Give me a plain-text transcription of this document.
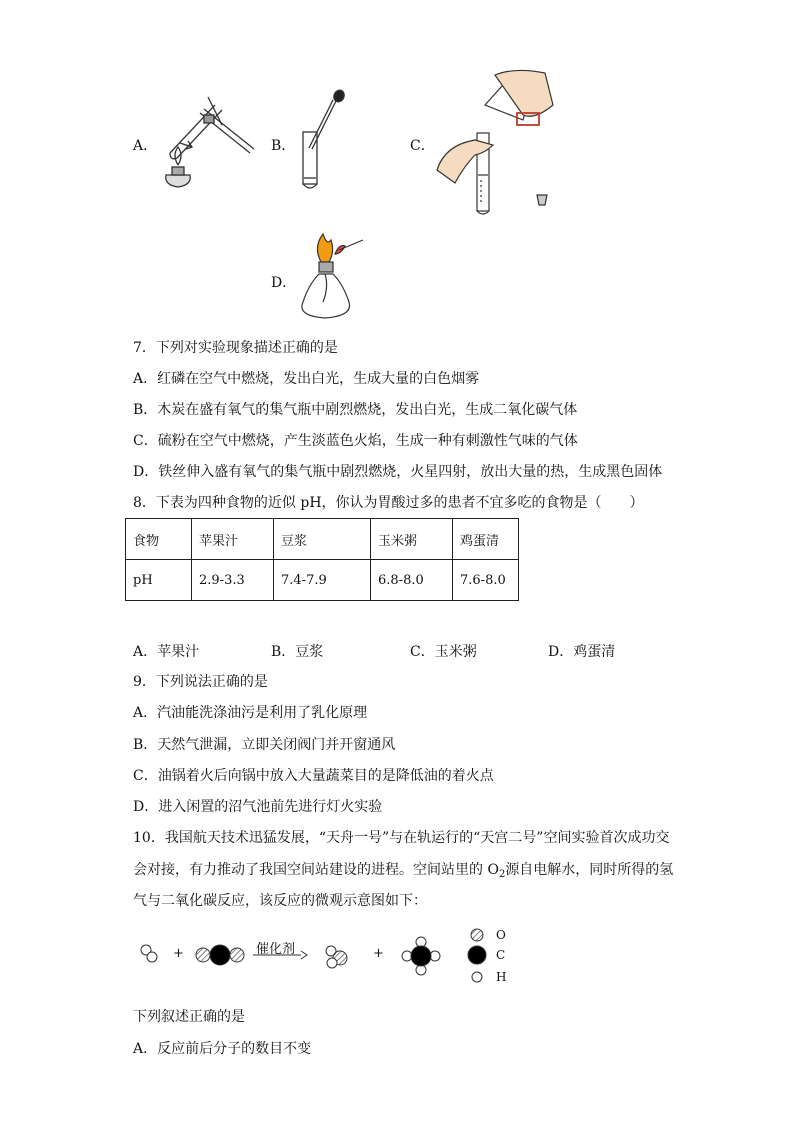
A．	B．	C．
D．
7．下列对实验现象描述正确的是
A．红磷在空气中燃烧，发出白光，生成大量的白色烟雾
B．木炭在盛有氧气的集气瓶中剧烈燃烧，发出白光，生成二氧化碳气体
C．硫粉在空气中燃烧，产生淡蓝色火焰，生成一种有刺激性气味的气体
D．铁丝伸入盛有氧气的集气瓶中剧烈燃烧，火星四射，放出大量的热，生成黑色固体
8．下表为四种食物的近似 pH，你认为胃酸过多的患者不宜多吃的食物是（　　）
食物	苹果汁	豆浆	玉米粥	鸡蛋清
pH	2.9-3.3	7.4-7.9	6.8-8.0	7.6-8.0
A．苹果汁	B．豆浆	C．玉米粥	D．鸡蛋清
9．下列说法正确的是
A．汽油能洗涤油污是利用了乳化原理
B．天然气泄漏，立即关闭阀门并开窗通风
C．油锅着火后向锅中放入大量蔬菜目的是降低油的着火点
D．进入闲置的沼气池前先进行灯火实验
10．我国航天技术迅猛发展，“天舟一号”与在轨运行的“天宫二号”空间实验首次成功交
会对接，有力推动了我国空间站建设的进程。空间站里的 $O_2$源自电解水，同时所得的氢
气与二氧化碳反应，该反应的微观示意图如下：
+	+
催化剂
O
C
H
下列叙述正确的是
A．反应前后分子的数目不变
